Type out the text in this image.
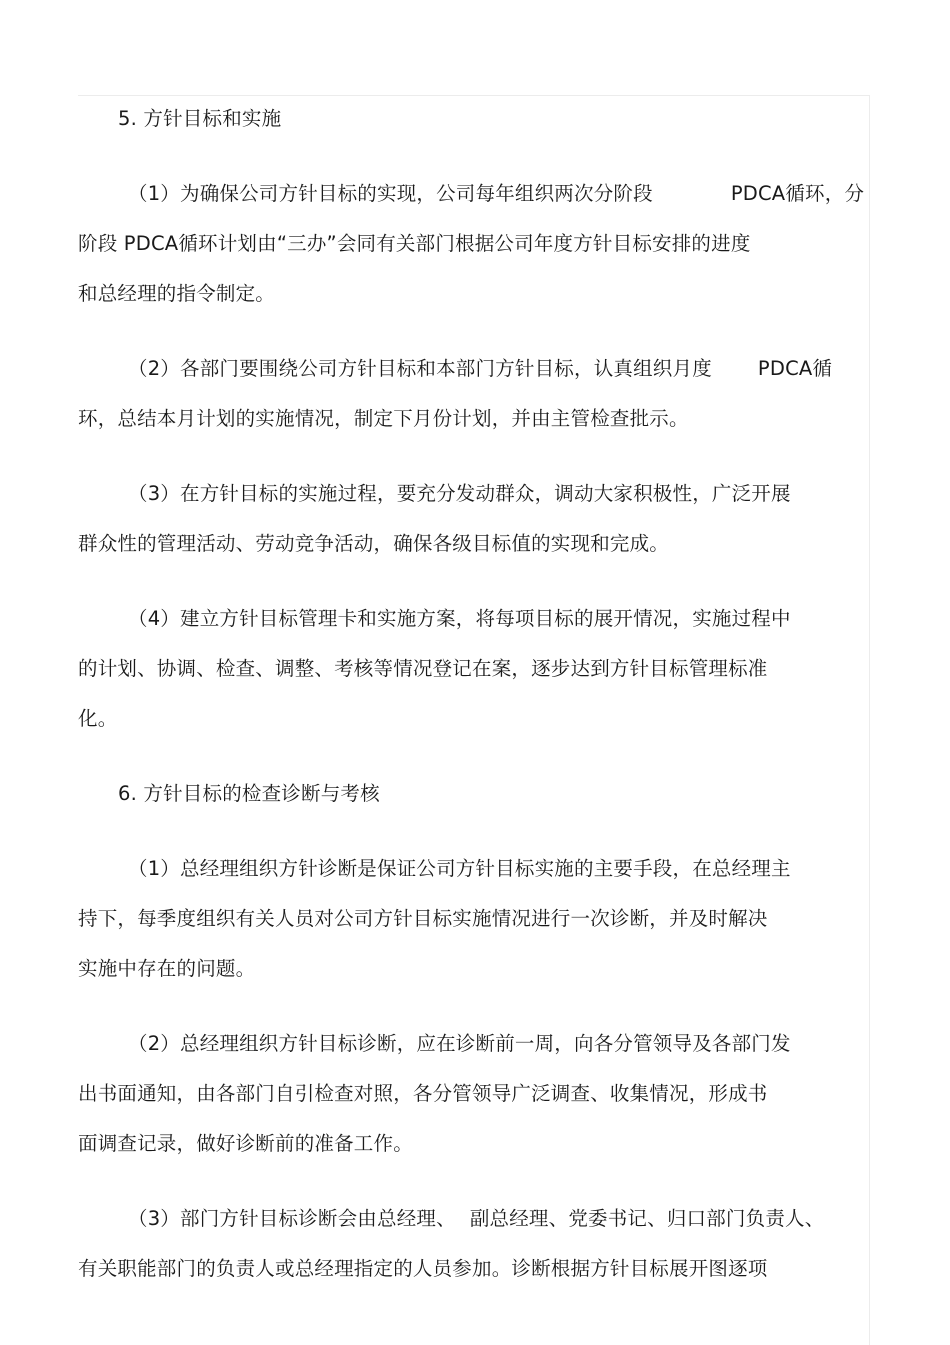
5. 方针目标和实施
（1）为确保公司方针目标的实现，公司每年组织两次分阶段	PDCA循环，分
阶段 PDCA循环计划由“三办”会同有关部门根据公司年度方针目标安排的进度
和总经理的指令制定。
（2）各部门要围绕公司方针目标和本部门方针目标，认真组织月度 PDCA循
环，总结本月计划的实施情况，制定下月份计划，并由主管检查批示。
（3）在方针目标的实施过程，要充分发动群众，调动大家积极性，广泛开展
群众性的管理活动、劳动竞争活动，确保各级目标值的实现和完成。
（4）建立方针目标管理卡和实施方案，将每项目标的展开情况，实施过程中
的计划、协调、检查、调整、考核等情况登记在案，逐步达到方针目标管理标准
化。
6. 方针目标的检查诊断与考核
（1）总经理组织方针诊断是保证公司方针目标实施的主要手段，在总经理主
持下，每季度组织有关人员对公司方针目标实施情况进行一次诊断，并及时解决
实施中存在的问题。
（2）总经理组织方针目标诊断，应在诊断前一周，向各分管领导及各部门发
出书面通知，由各部门自引检查对照，各分管领导广泛调查、收集情况，形成书
面调查记录，做好诊断前的准备工作。
（3）部门方针目标诊断会由总经理、 副总经理、党委书记、归口部门负责人、
有关职能部门的负责人或总经理指定的人员参加。诊断根据方针目标展开图逐项
